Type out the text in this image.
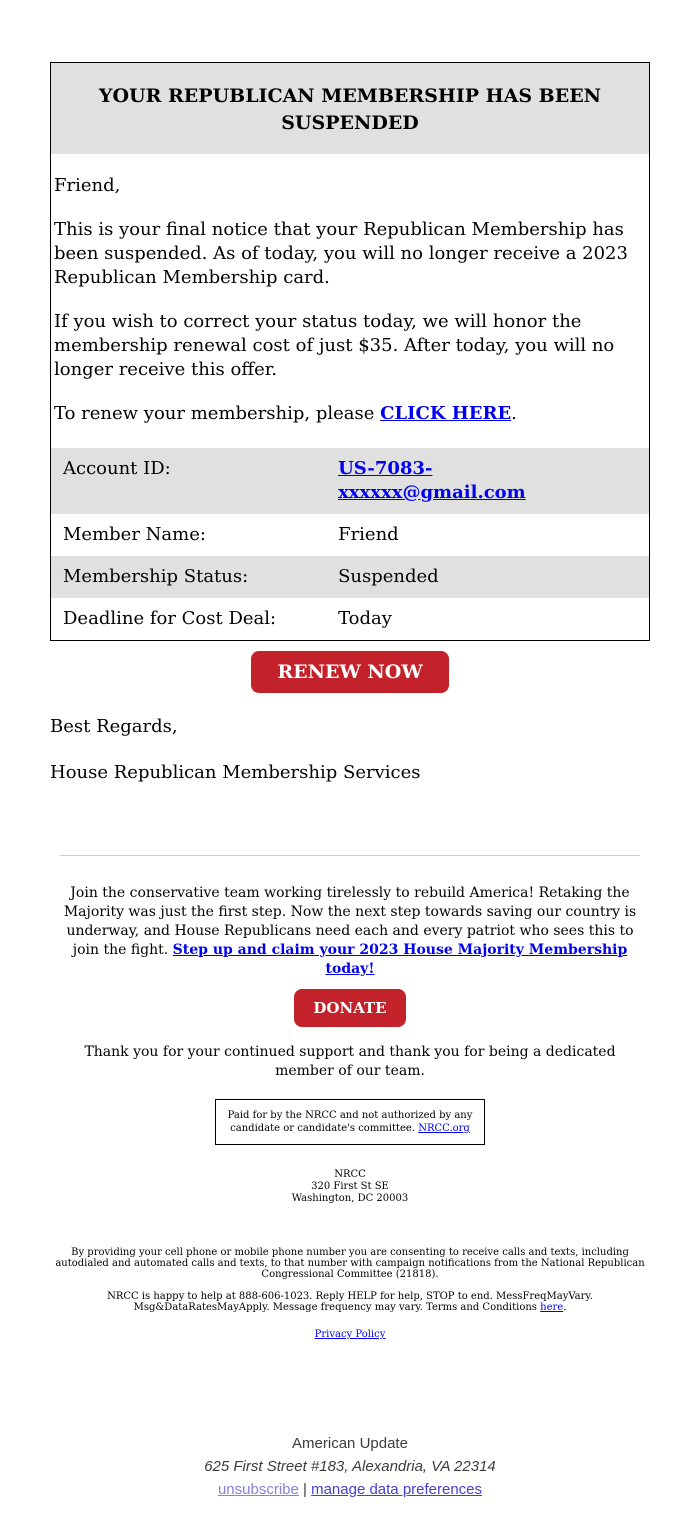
YOUR REPUBLICAN MEMBERSHIP HAS BEEN SUSPENDED

Friend,

This is your final notice that your Republican Membership has been suspended. As of today, you will no longer receive a 2023 Republican Membership card.

If you wish to correct your status today, we will honor the membership renewal cost of just $35. After today, you will no longer receive this offer.

To renew your membership, please CLICK HERE.

Account ID:	US-7083-xxxxxx@gmail.com
Member Name:	Friend
Membership Status:	Suspended
Deadline for Cost Deal:	Today
RENEW NOW

Best Regards,

House Republican Membership Services

Join the conservative team working tirelessly to rebuild America! Retaking the Majority was just the first step. Now the next step towards saving our country is underway, and House Republicans need each and every patriot who sees this to join the fight. Step up and claim your 2023 House Majority Membership today!

DONATE

Thank you for your continued support and thank you for being a dedicated member of our team.

Paid for by the NRCC and not authorized by any candidate or candidate's committee. NRCC.org
NRCC
320 First St SE
Washington, DC 20003

By providing your cell phone or mobile phone number you are consenting to receive calls and texts, including autodialed and automated calls and texts, to that number with campaign notifications from the National Republican Congressional Committee (21818).

NRCC is happy to help at 888-606-1023. Reply HELP for help, STOP to end. MessFreqMayVary. Msg&DataRatesMayApply. Message frequency may vary. Terms and Conditions here.

Privacy Policy
American Update
625 First Street #183, Alexandria, VA 22314
unsubscribe | manage data preferences
